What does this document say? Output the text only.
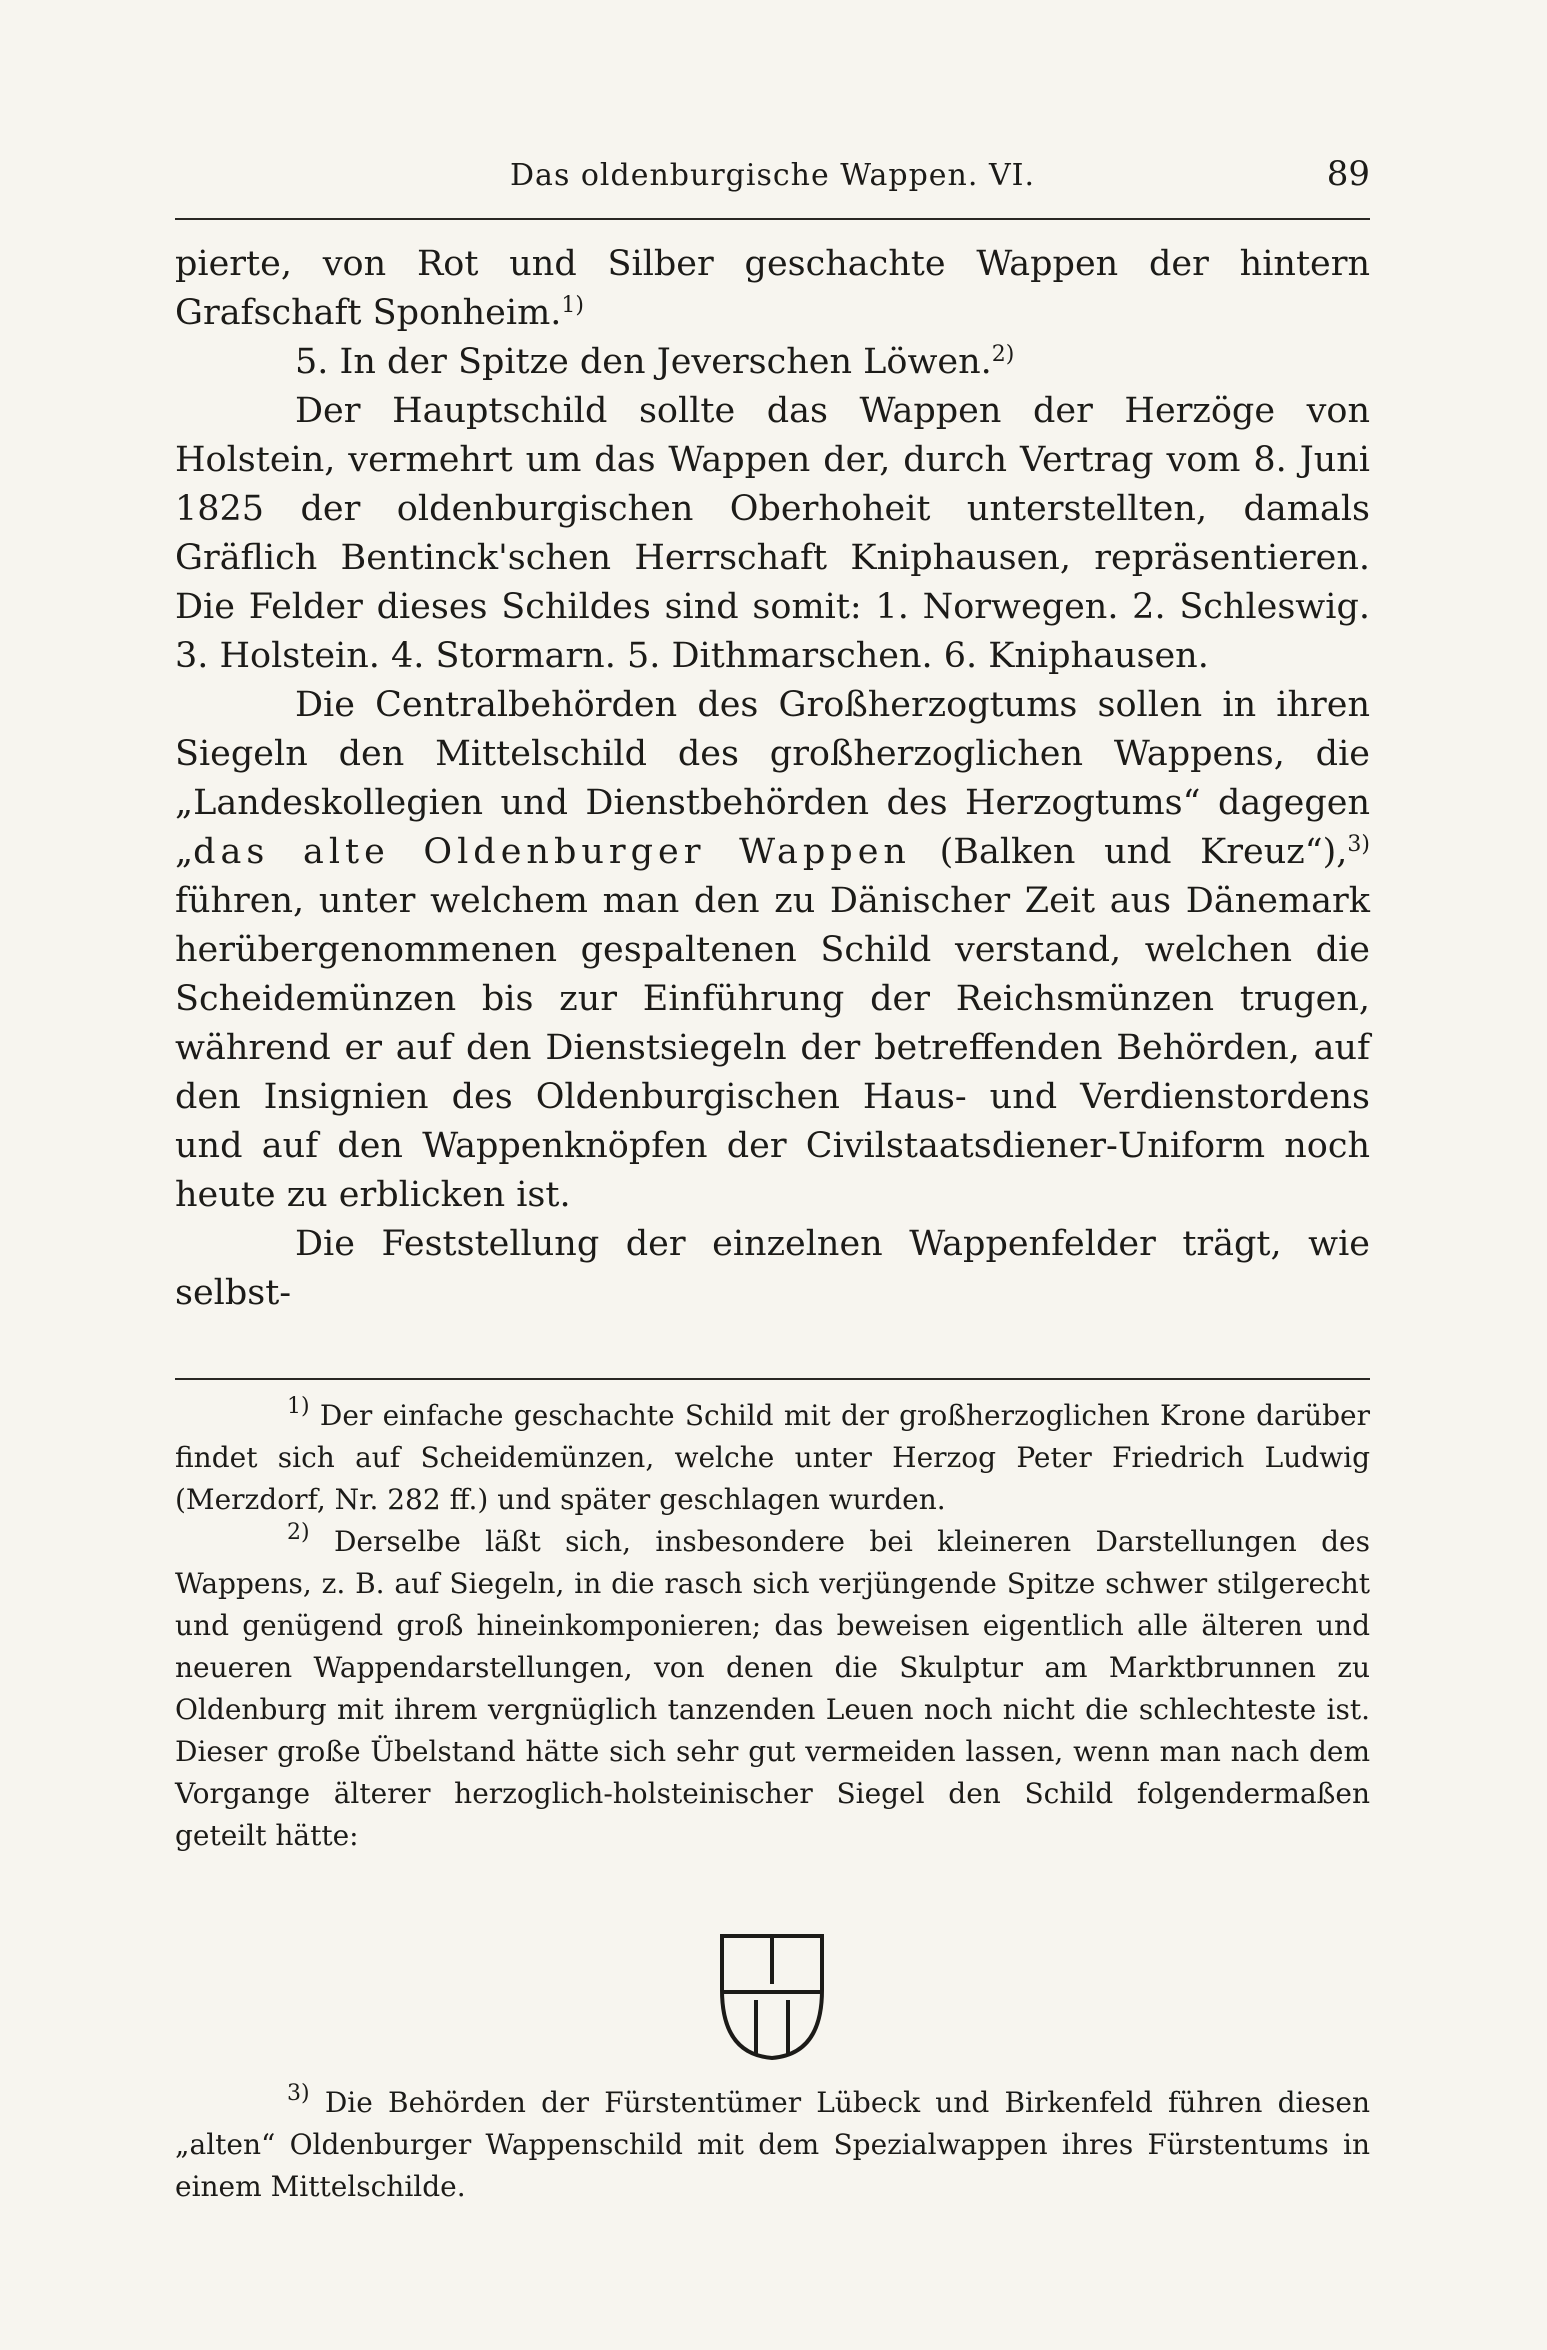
Das oldenburgische Wappen. VI.	89

pierte, von Rot und Silber geschachte Wappen der hintern Grafschaft Sponheim.$^{1)}$

5. In der Spitze den Jeverschen Löwen.$^{2)}$

Der Hauptschild sollte das Wappen der Herzöge von Holstein, vermehrt um das Wappen der, durch Vertrag vom 8. Juni 1825 der oldenburgischen Oberhoheit unterstellten, damals Gräflich Bentinck'schen Herrschaft Kniphausen, repräsentieren. Die Felder dieses Schildes sind somit: 1. Norwegen. 2. Schleswig. 3. Holstein. 4. Stormarn. 5. Dithmarschen. 6. Kniphausen.

Die Centralbehörden des Großherzogtums sollen in ihren Siegeln den Mittelschild des großherzoglichen Wappens, die „Landeskollegien und Dienstbehörden des Herzogtums“ dagegen „das alte Oldenburger Wappen (Balken und Kreuz“),$^{3)}$ führen, unter welchem man den zu Dänischer Zeit aus Dänemark herübergenommenen gespaltenen Schild verstand, welchen die Scheidemünzen bis zur Einführung der Reichsmünzen trugen, während er auf den Dienstsiegeln der betreffenden Behörden, auf den Insignien des Oldenburgischen Haus- und Verdienstordens und auf den Wappenknöpfen der Civilstaatsdiener-Uniform noch heute zu erblicken ist.

Die Feststellung der einzelnen Wappenfelder trägt, wie selbst-

$^{1)}$ Der einfache geschachte Schild mit der großherzoglichen Krone darüber findet sich auf Scheidemünzen, welche unter Herzog Peter Friedrich Ludwig (Merzdorf, Nr. 282 ff.) und später geschlagen wurden.

$^{2)}$ Derselbe läßt sich, insbesondere bei kleineren Darstellungen des Wappens, z. B. auf Siegeln, in die rasch sich verjüngende Spitze schwer stilgerecht und genügend groß hineinkomponieren; das beweisen eigentlich alle älteren und neueren Wappendarstellungen, von denen die Skulptur am Marktbrunnen zu Oldenburg mit ihrem vergnüglich tanzenden Leuen noch nicht die schlechteste ist. Dieser große Übelstand hätte sich sehr gut vermeiden lassen, wenn man nach dem Vorgange älterer herzoglich-holsteinischer Siegel den Schild folgendermaßen geteilt hätte:

$^{3)}$ Die Behörden der Fürstentümer Lübeck und Birkenfeld führen diesen „alten“ Oldenburger Wappenschild mit dem Spezialwappen ihres Fürstentums in einem Mittelschilde.
